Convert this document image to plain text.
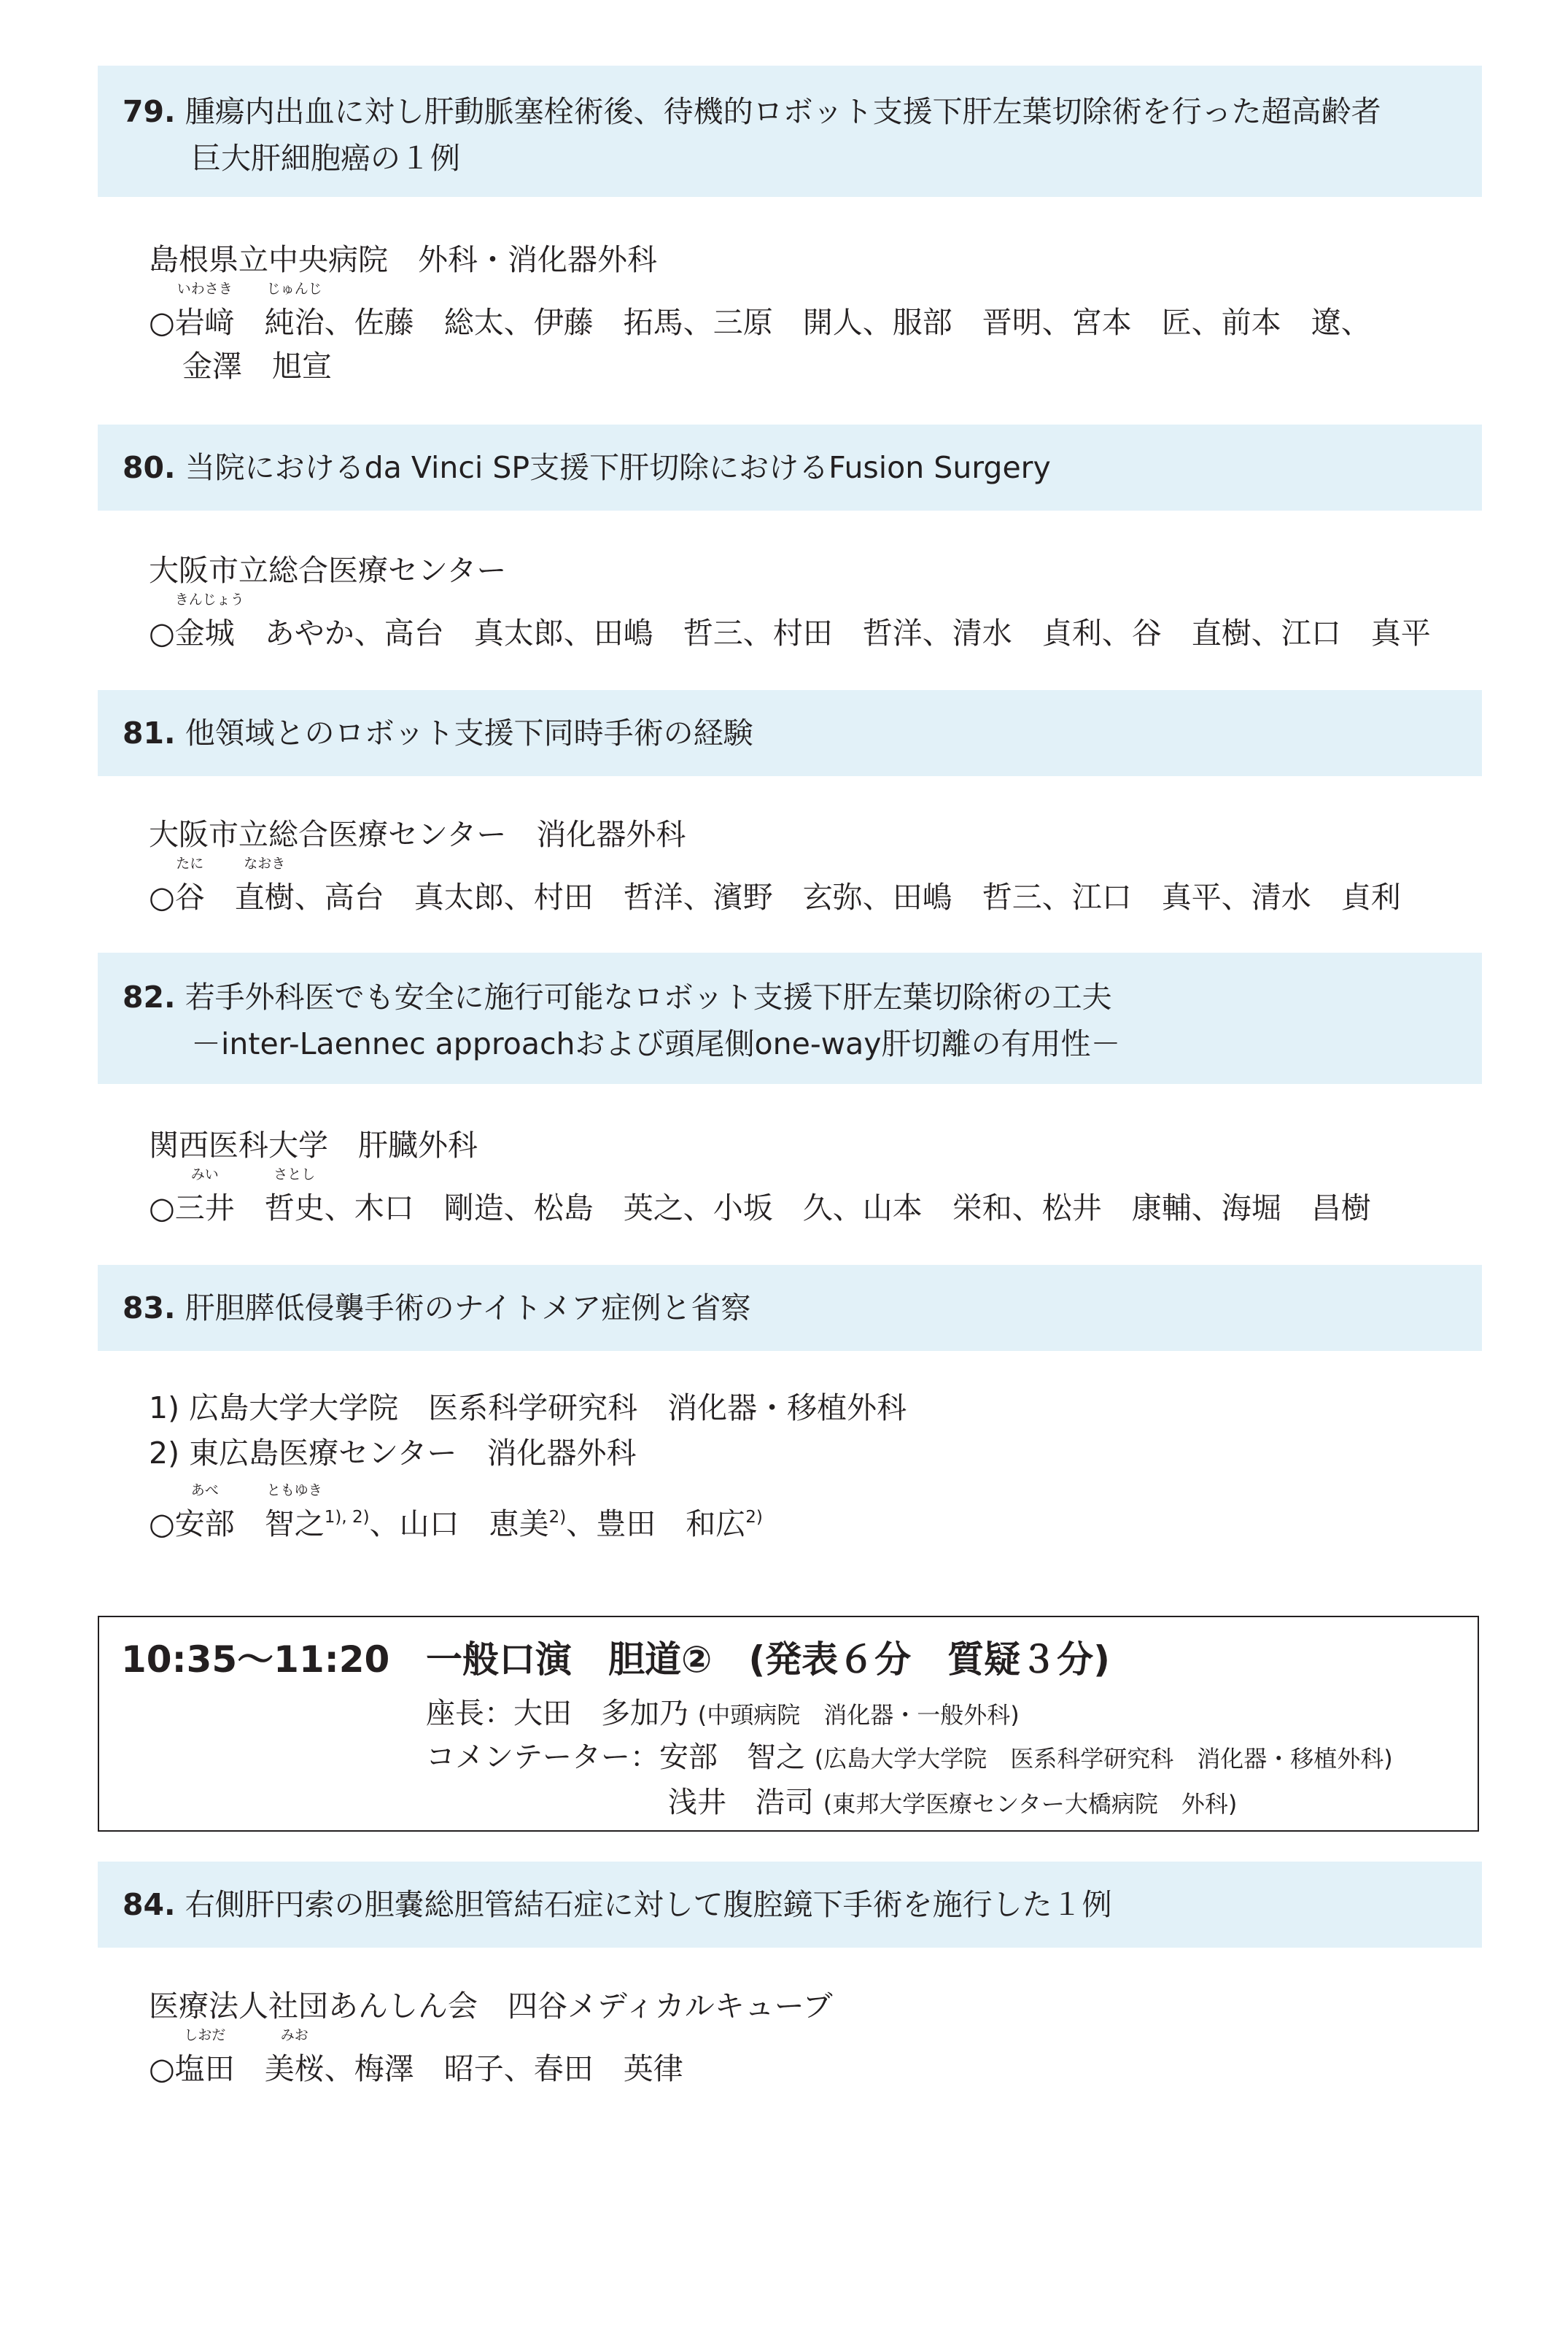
79. 腫瘍内出血に対し肝動脈塞栓術後、待機的ロボット支援下肝左葉切除術を行った超高齢者
巨大肝細胞癌の１例
島根県立中央病院　外科・消化器外科
○
いわさき
岩﨑　
じゅんじ
純治、佐藤　総太、伊藤　拓馬、三原　開人、服部　晋明、宮本　匠、前本　遼、
金澤　旭宣
80. 当院におけるda Vinci SP支援下肝切除におけるFusion Surgery
大阪市立総合医療センター
○
きんじょう
金城　 あやか、高台　真太郎、田嶋　哲三、村田　哲洋、清水　貞利、谷　直樹、江口　真平
81. 他領域とのロボット支援下同時手術の経験
大阪市立総合医療センター　消化器外科
○
たに
谷　
なおき
直樹、高台　真太郎、村田　哲洋、濱野　玄弥、田嶋　哲三、江口　真平、清水　貞利
82. 若手外科医でも安全に施行可能なロボット支援下肝左葉切除術の工夫
－inter-Laennec approachおよび頭尾側one-way肝切離の有用性－
関西医科大学　肝臓外科
○
みい
三井　
さとし
哲史、木口　剛造、松島　英之、小坂　久、山本　栄和、松井　康輔、海堀　昌樹
83. 肝胆膵低侵襲手術のナイトメア症例と省察
1) 広島大学大学院　医系科学研究科　消化器・移植外科
2) 東広島医療センター　消化器外科
○
あべ
安部　
ともゆき
智之$^{1), 2)}$、山口　恵美$^{2)}$、豊田　和広$^{2)}$
10:35～11:20 一般口演　胆道②　(発表６分　質疑３分)
座長：大田　多加乃 (中頭病院　消化器・一般外科)
コメンテーター：安部　智之 (広島大学大学院　医系科学研究科　消化器・移植外科)
浅井　浩司 (東邦大学医療センター大橋病院　外科)
84. 右側肝円索の胆嚢総胆管結石症に対して腹腔鏡下手術を施行した１例
医療法人社団あんしん会　四谷メディカルキューブ
○
しおだ
塩田　
みお
美桜、梅澤　昭子、春田　英律
